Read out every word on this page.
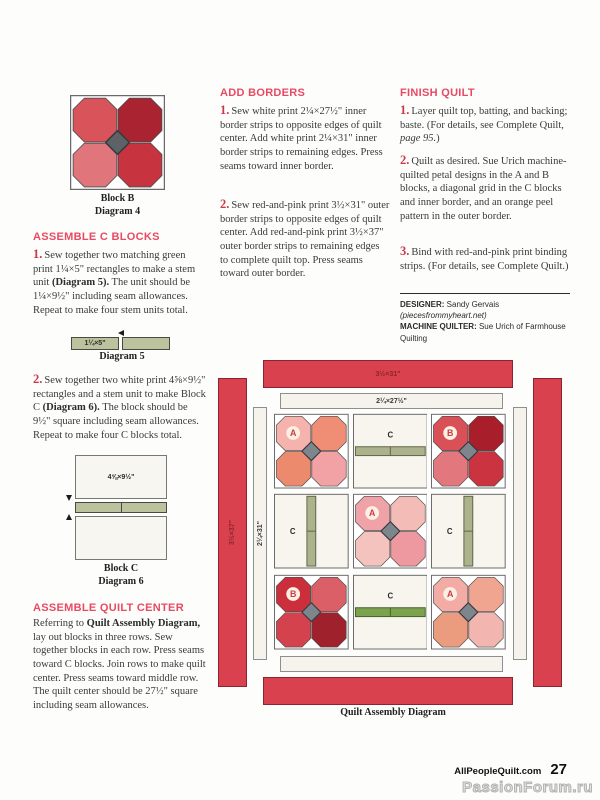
Block B
Diagram 4
ASSEMBLE C BLOCKS
1. Sew together two matching green print 1¼×5" rectangles to make a stem unit (Diagram 5). The unit should be 1¼×9½" including seam allowances. Repeat to make four stem units total.
1¼×5"
Diagram 5
2. Sew together two white print 4⅝×9½" rectangles and a stem unit to make Block C (Diagram 6). The block should be 9½" square including seam allowances. Repeat to make four C blocks total.
4⅝×9½"
Block C
Diagram 6
ASSEMBLE QUILT CENTER
Referring to Quilt Assembly Diagram, lay out blocks in three rows. Sew together blocks in each row. Press seams toward C blocks. Join rows to make quilt center. Press seams toward middle row. The quilt center should be 27½" square including seam allowances.
ADD BORDERS
1. Sew white print 2¼×27½" inner border strips to opposite edges of quilt center. Add white print 2¼×31" inner border strips to remaining edges. Press seams toward inner border.
2. Sew red-and-pink print 3½×31" outer border strips to opposite edges of quilt center. Add red-and-pink print 3½×37" outer border strips to remaining edges to complete quilt top. Press seams toward outer border.
FINISH QUILT
1. Layer quilt top, batting, and backing; baste. (For details, see Complete Quilt, page 95.)
2. Quilt as desired. Sue Urich machine-quilted petal designs in the A and B blocks, a diagonal grid in the C blocks and inner border, and an orange peel pattern in the outer border.
3. Bind with red-and-pink print binding strips. (For details, see Complete Quilt.)
DESIGNER: Sandy Gervais
(piecesfrommyheart.net)
MACHINE QUILTER: Sue Urich of Farmhouse Quilting
3½×31"
3½×37"
2¼×27½"
2¼×31"
A	C	B
C
A
C
B	C	A
Quilt Assembly Diagram
AllPeopleQuilt.com 27
PassionForum.ru
